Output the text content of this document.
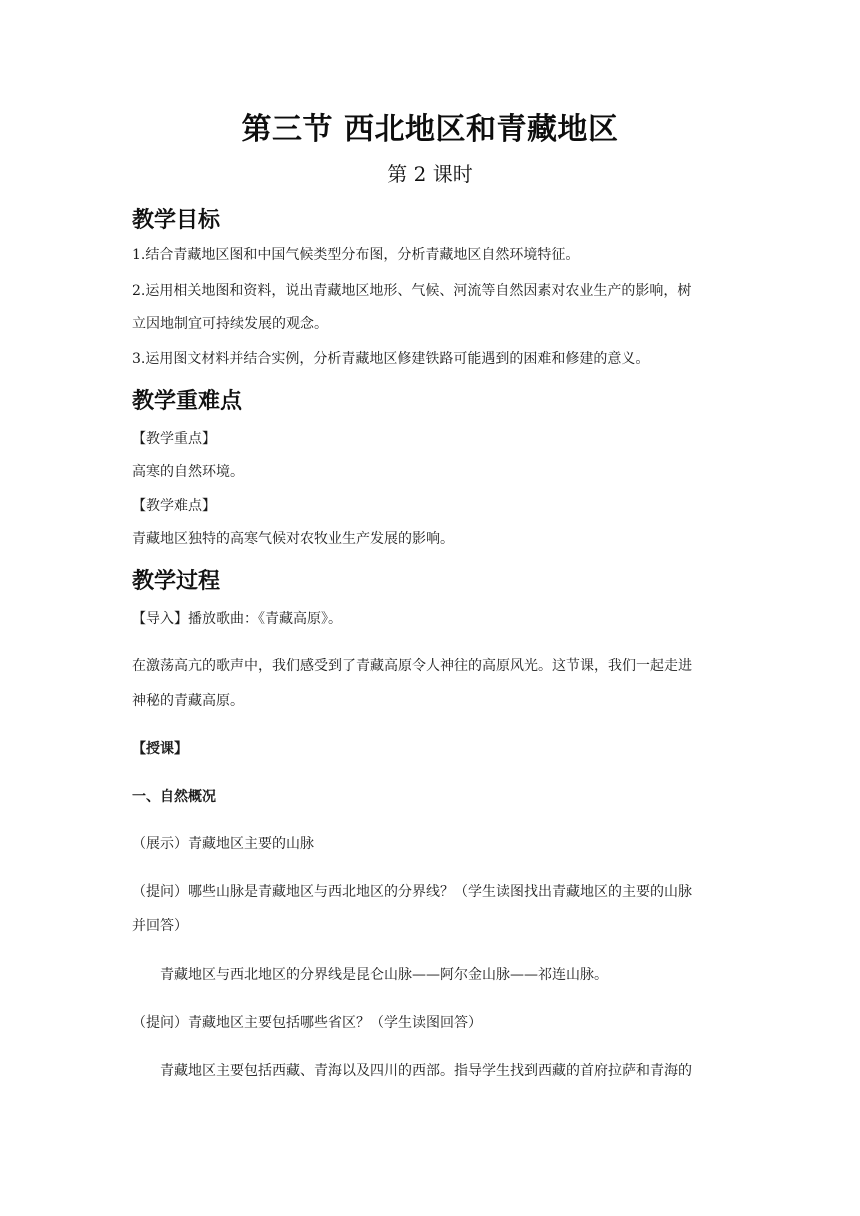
第三节 西北地区和青藏地区
第 2 课时
教学目标
1.结合青藏地区图和中国气候类型分布图，分析青藏地区自然环境特征。
2.运用相关地图和资料，说出青藏地区地形、气候、河流等自然因素对农业生产的影响，树
立因地制宜可持续发展的观念。
3.运用图文材料并结合实例，分析青藏地区修建铁路可能遇到的困难和修建的意义。
教学重难点
【教学重点】
高寒的自然环境。
【教学难点】
青藏地区独特的高寒气候对农牧业生产发展的影响。
教学过程
【导入】播放歌曲：《青藏高原》。
在激荡高亢的歌声中，我们感受到了青藏高原令人神往的高原风光。这节课，我们一起走进
神秘的青藏高原。
【授课】
一、自然概况
（展示）青藏地区主要的山脉
（提问）哪些山脉是青藏地区与西北地区的分界线？（学生读图找出青藏地区的主要的山脉
并回答）
青藏地区与西北地区的分界线是昆仑山脉——阿尔金山脉——祁连山脉。
（提问）青藏地区主要包括哪些省区？（学生读图回答）
青藏地区主要包括西藏、青海以及四川的西部。指导学生找到西藏的首府拉萨和青海的
